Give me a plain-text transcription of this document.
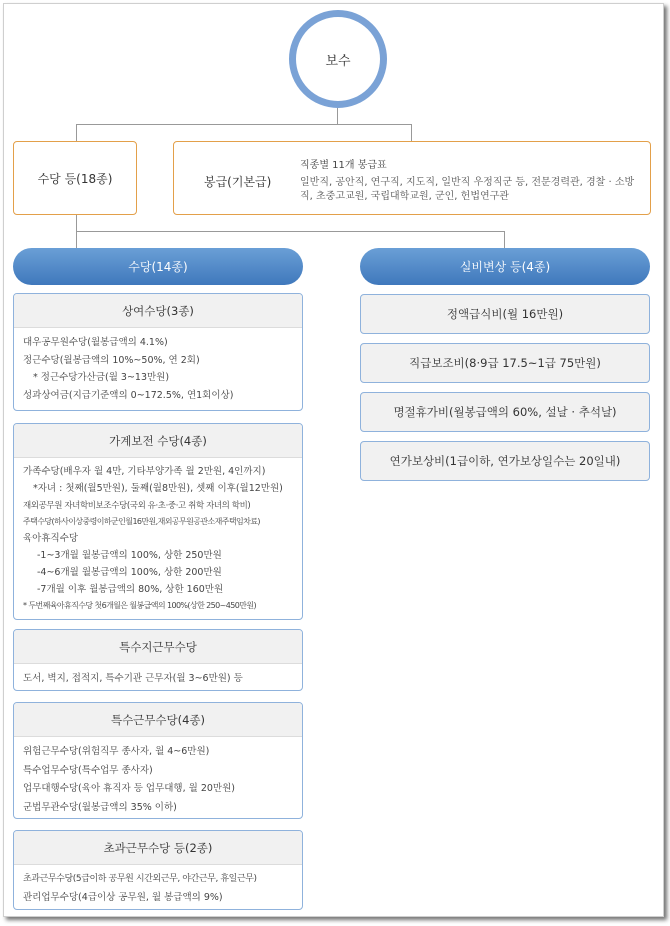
보수
수당 등(18종)	봉급(기본급)
직종별 11개 봉급표
일반직, 공안직, 연구직, 지도직, 일반직 우정직군 등, 전문경력관, 경찰 · 소방직, 초중고교원, 국립대학교원, 군인, 헌법연구관
수당(14종)	실비변상 등(4종)
상여수당(3종)
대우공무원수당(월봉급액의 4.1%)
정근수당(월봉급액의 10%~50%, 연 2회)
* 정근수당가산금(월 3~13만원)
성과상여금(지급기준액의 0~172.5%, 연1회이상)
가계보전 수당(4종)
가족수당(배우자 월 4만, 기타부양가족 월 2만원, 4인까지)
*자녀 : 첫째(월5만원), 둘째(월8만원), 셋째 이후(월12만원)
재외공무원 자녀학비보조수당(국외 유·초·중·고 취학 자녀의 학비)
주택수당(하사이상중령이하군인월16만원,재외공무원공관소재주택임차료)
육아휴직수당
-1~3개월 월봉급액의 100%, 상한 250만원
-4~6개월 월봉급액의 100%, 상한 200만원
-7개월 이후 월봉급액의 80%, 상한 160만원
* 두번째육아휴직수당 첫6개월은 월봉급액의 100%(상한 250~450만원)
특수지근무수당
도서, 벽지, 접적지, 특수기관 근무자(월 3~6만원) 등
특수근무수당(4종)
위험근무수당(위험직무 종사자, 월 4~6만원)
특수업무수당(특수업무 종사자)
업무대행수당(육아 휴직자 등 업무대행, 월 20만원)
군법무관수당(월봉급액의 35% 이하)
초과근무수당 등(2종)
초과근무수당(5급이하 공무원 시간외근무, 야간근무, 휴일근무)
관리업무수당(4급이상 공무원, 월 봉급액의 9%)
정액급식비(월 16만원)
직급보조비(8·9급 17.5~1급 75만원)
명절휴가비(월봉급액의 60%, 설날 · 추석날)
연가보상비(1급이하, 연가보상일수는 20일내)
